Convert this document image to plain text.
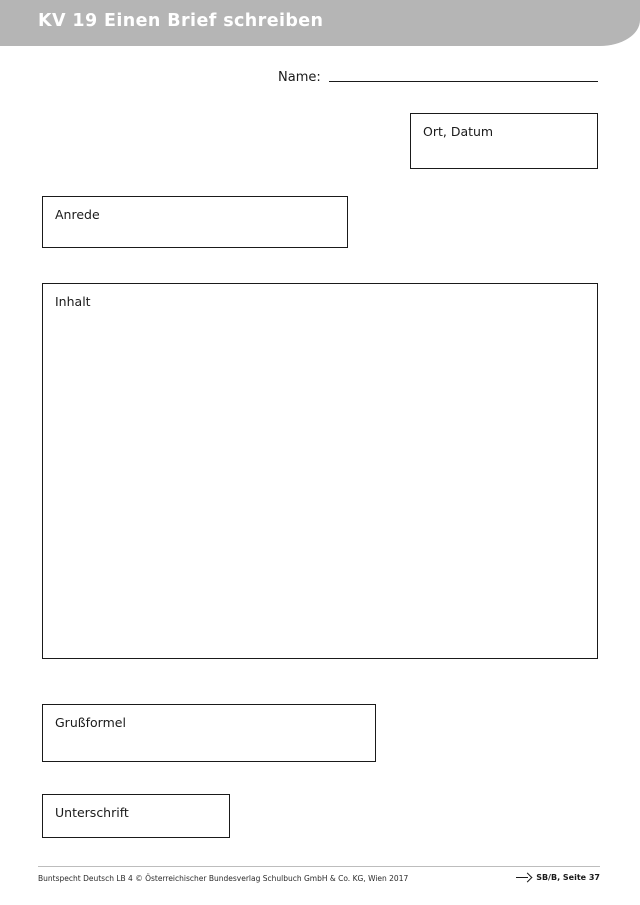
KV 19 Einen Brief schreiben
Name:
Ort, Datum
Anrede
Inhalt
Grußformel
Unterschrift
Buntspecht Deutsch LB 4 © Österreichischer Bundesverlag Schulbuch GmbH & Co. KG, Wien 2017	SB/B, Seite 37
